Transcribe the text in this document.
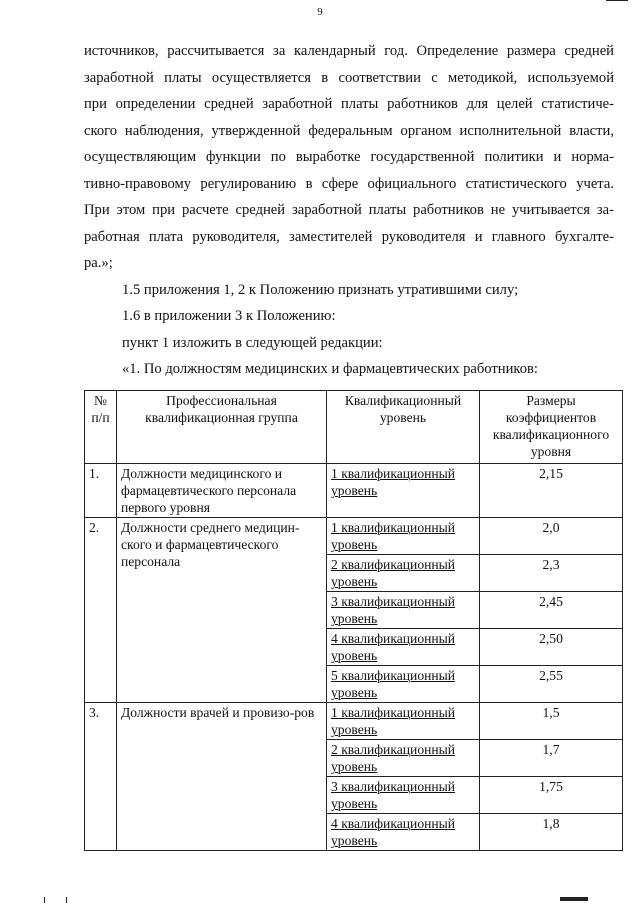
9

источников, рассчитывается за календарный год. Определение размера средней
заработной платы осуществляется в соответствии с методикой, используемой
при определении средней заработной платы работников для целей статистиче-
ского наблюдения, утвержденной федеральным органом исполнительной власти,
осуществляющим функции по выработке государственной политики и норма-
тивно-правовому регулированию в сфере официального статистического учета.
При этом при расчете средней заработной платы работников не учитывается за-
работная плата руководителя, заместителей руководителя и главного бухгалте-
ра.»;

1.5 приложения 1, 2 к Положению признать утратившими силу;

1.6 в приложении 3 к Положению:

пункт 1 изложить в следующей редакции:

«1. По должностям медицинских и фармацевтических работников:

№ п/п	Профессиональная квалификационная группа	Квалификационный уровень	Размеры коэффициентов квалификационного уровня
1.	Должности медицинского и фармацевтического персонала первого уровня	1 квалификационный уровень	2,15
2.	Должности среднего медицин-ского и фармацевтического персонала	1 квалификационный уровень	2,0
		2 квалификационный уровень	2,3
		3 квалификационный уровень	2,45
		4 квалификационный уровень	2,50
		5 квалификационный уровень	2,55
3.	Должности врачей и провизо-ров	1 квалификационный уровень	1,5
		2 квалификационный уровень	1,7
		3 квалификационный уровень	1,75
		4 квалификационный уровень	1,8
